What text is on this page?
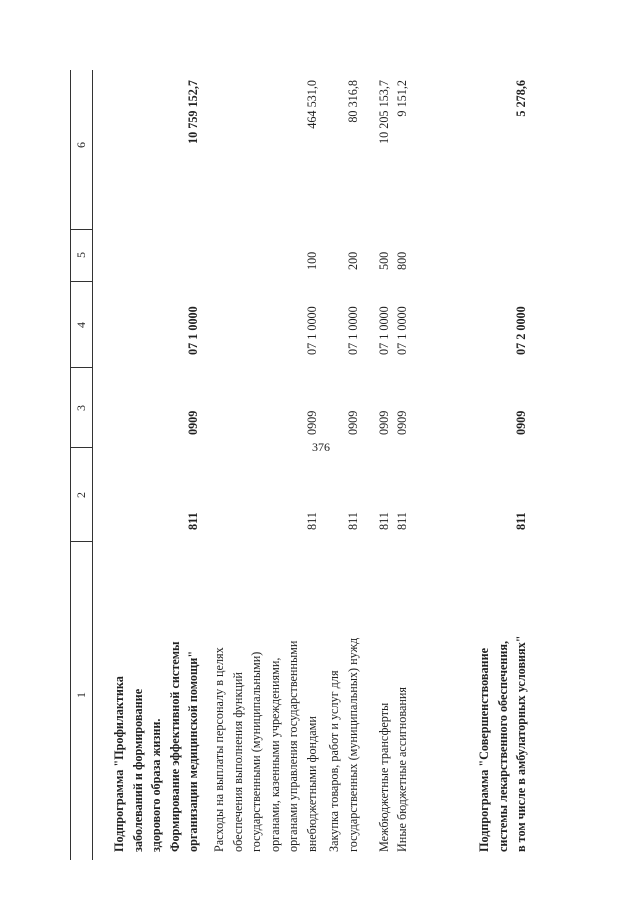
376
1
2
3
4
5
6
Подпрограмма "Профилактика заболеваний и формирование здорового образа жизни. Формирование эффективной системы организации медицинской помощи"
811
0909
07 1 0000
10 759 152,7
Расходы на выплаты персоналу в целях обеспечения выполнения функций государственными (муниципальными) органами, казенными учреждениями, органами управления государственными внебюджетными фондами
811
0909
07 1 0000
100
464 531,0
Закупка товаров, работ и услуг для государственных (муниципальных) нужд
811
0909
07 1 0000
200
80 316,8
Межбюджетные трансферты
811
0909
07 1 0000
500
10 205 153,7
Иные бюджетные ассигнования
811
0909
07 1 0000
800
9 151,2
Подпрограмма "Совершенствование системы лекарственного обеспечения, в том числе в амбулаторных условиях"
811
0909
07 2 0000
5 278,6
